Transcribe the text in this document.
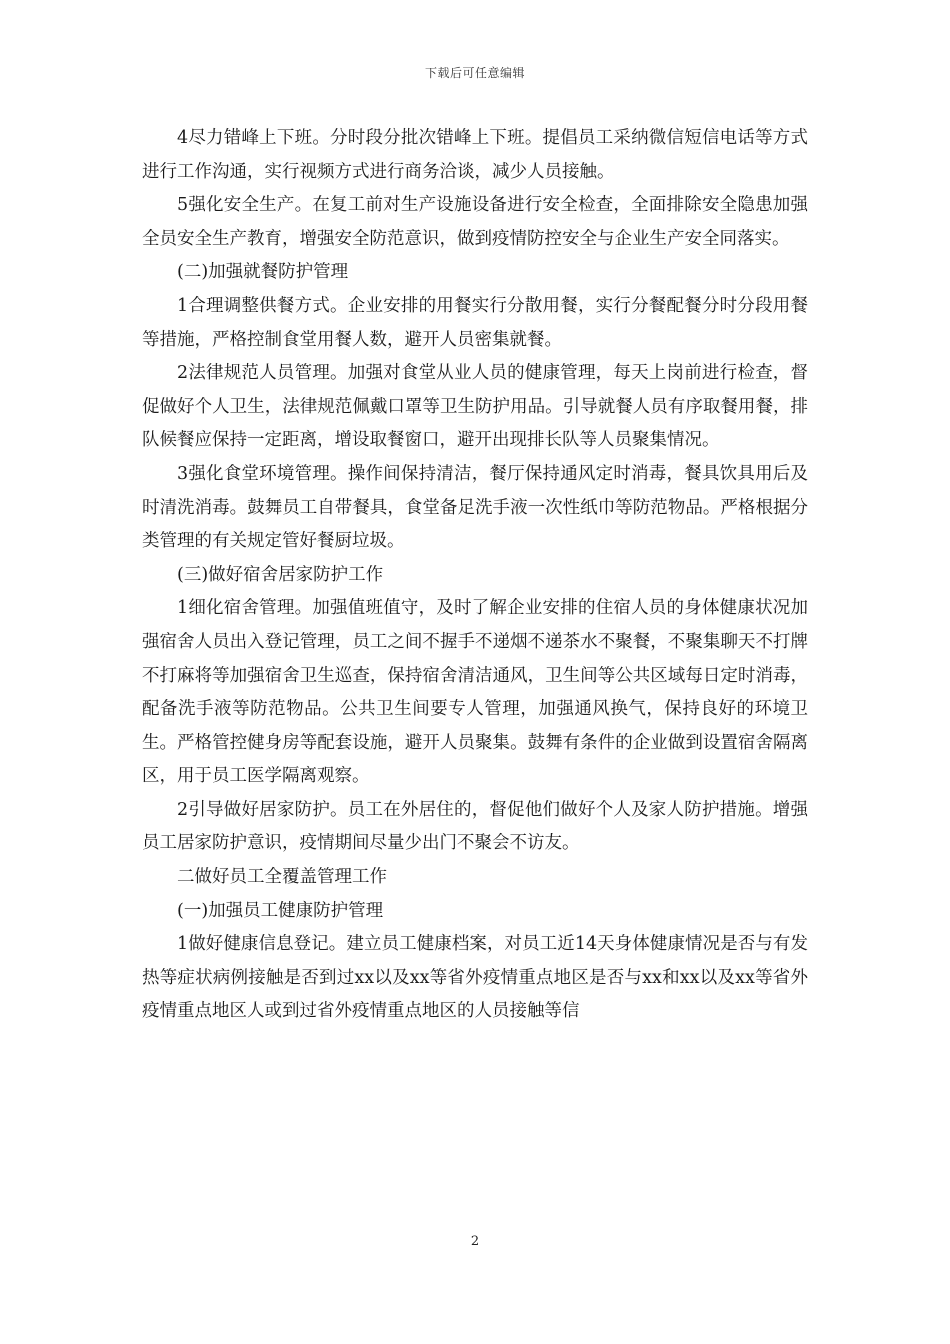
下载后可任意编辑

4尽力错峰上下班。分时段分批次错峰上下班。提倡员工采纳微信短信电话等方式进行工作沟通，实行视频方式进行商务洽谈，减少人员接触。

5强化安全生产。在复工前对生产设施设备进行安全检查，全面排除安全隐患加强全员安全生产教育，增强安全防范意识，做到疫情防控安全与企业生产安全同落实。

(二)加强就餐防护管理

1合理调整供餐方式。企业安排的用餐实行分散用餐，实行分餐配餐分时分段用餐等措施，严格控制食堂用餐人数，避开人员密集就餐。

2法律规范人员管理。加强对食堂从业人员的健康管理，每天上岗前进行检查，督促做好个人卫生，法律规范佩戴口罩等卫生防护用品。引导就餐人员有序取餐用餐，排队候餐应保持一定距离，增设取餐窗口，避开出现排长队等人员聚集情况。

3强化食堂环境管理。操作间保持清洁，餐厅保持通风定时消毒，餐具饮具用后及时清洗消毒。鼓舞员工自带餐具，食堂备足洗手液一次性纸巾等防范物品。严格根据分类管理的有关规定管好餐厨垃圾。

(三)做好宿舍居家防护工作

1细化宿舍管理。加强值班值守，及时了解企业安排的住宿人员的身体健康状况加强宿舍人员出入登记管理，员工之间不握手不递烟不递茶水不聚餐，不聚集聊天不打牌不打麻将等加强宿舍卫生巡查，保持宿舍清洁通风，卫生间等公共区域每日定时消毒，配备洗手液等防范物品。公共卫生间要专人管理，加强通风换气，保持良好的环境卫生。严格管控健身房等配套设施，避开人员聚集。鼓舞有条件的企业做到设置宿舍隔离区，用于员工医学隔离观察。

2引导做好居家防护。员工在外居住的，督促他们做好个人及家人防护措施。增强员工居家防护意识，疫情期间尽量少出门不聚会不访友。

二做好员工全覆盖管理工作

(一)加强员工健康防护管理

1做好健康信息登记。建立员工健康档案，对员工近14天身体健康情况是否与有发热等症状病例接触是否到过xx以及xx等省外疫情重点地区是否与xx和xx以及xx等省外疫情重点地区人或到过省外疫情重点地区的人员接触等信

2
